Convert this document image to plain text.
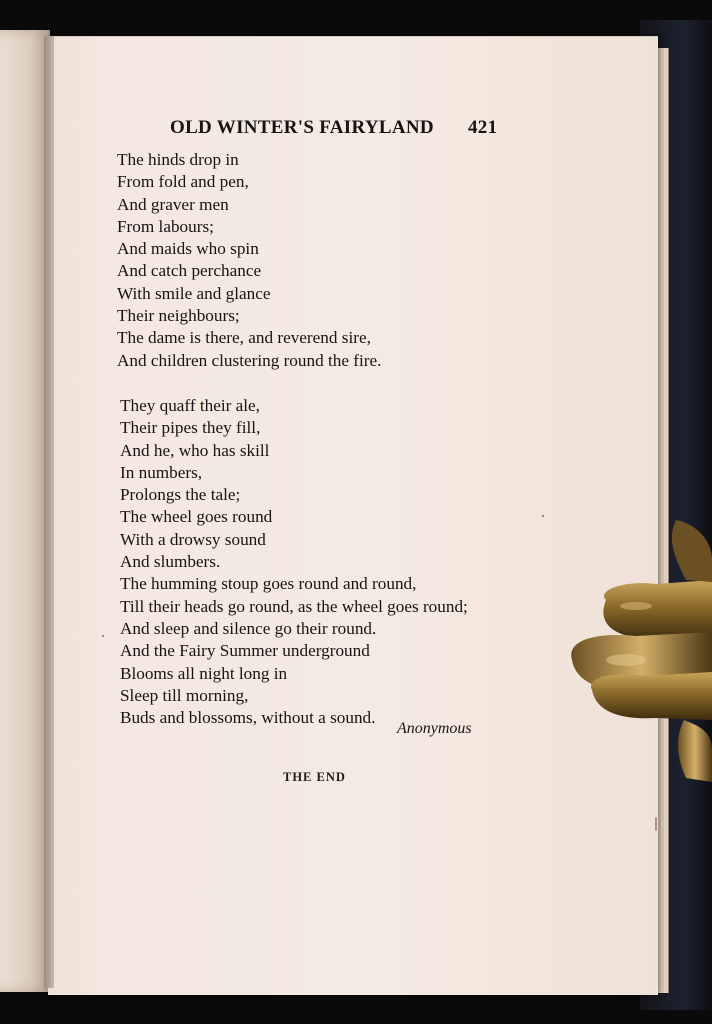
OLD WINTER'S FAIRYLAND 421
The hinds drop in
From fold and pen,
And graver men
From labours;
And maids who spin
And catch perchance
With smile and glance
Their neighbours;
The dame is there, and reverend sire,
And children clustering round the fire.
They quaff their ale,
Their pipes they fill,
And he, who has skill
In numbers,
Prolongs the tale;
The wheel goes round
With a drowsy sound
And slumbers.
The humming stoup goes round and round,
Till their heads go round, as the wheel goes round;
And sleep and silence go their round.
And the Fairy Summer underground
Blooms all night long in
Sleep till morning,
Buds and blossoms, without a sound.
Anonymous
THE END
